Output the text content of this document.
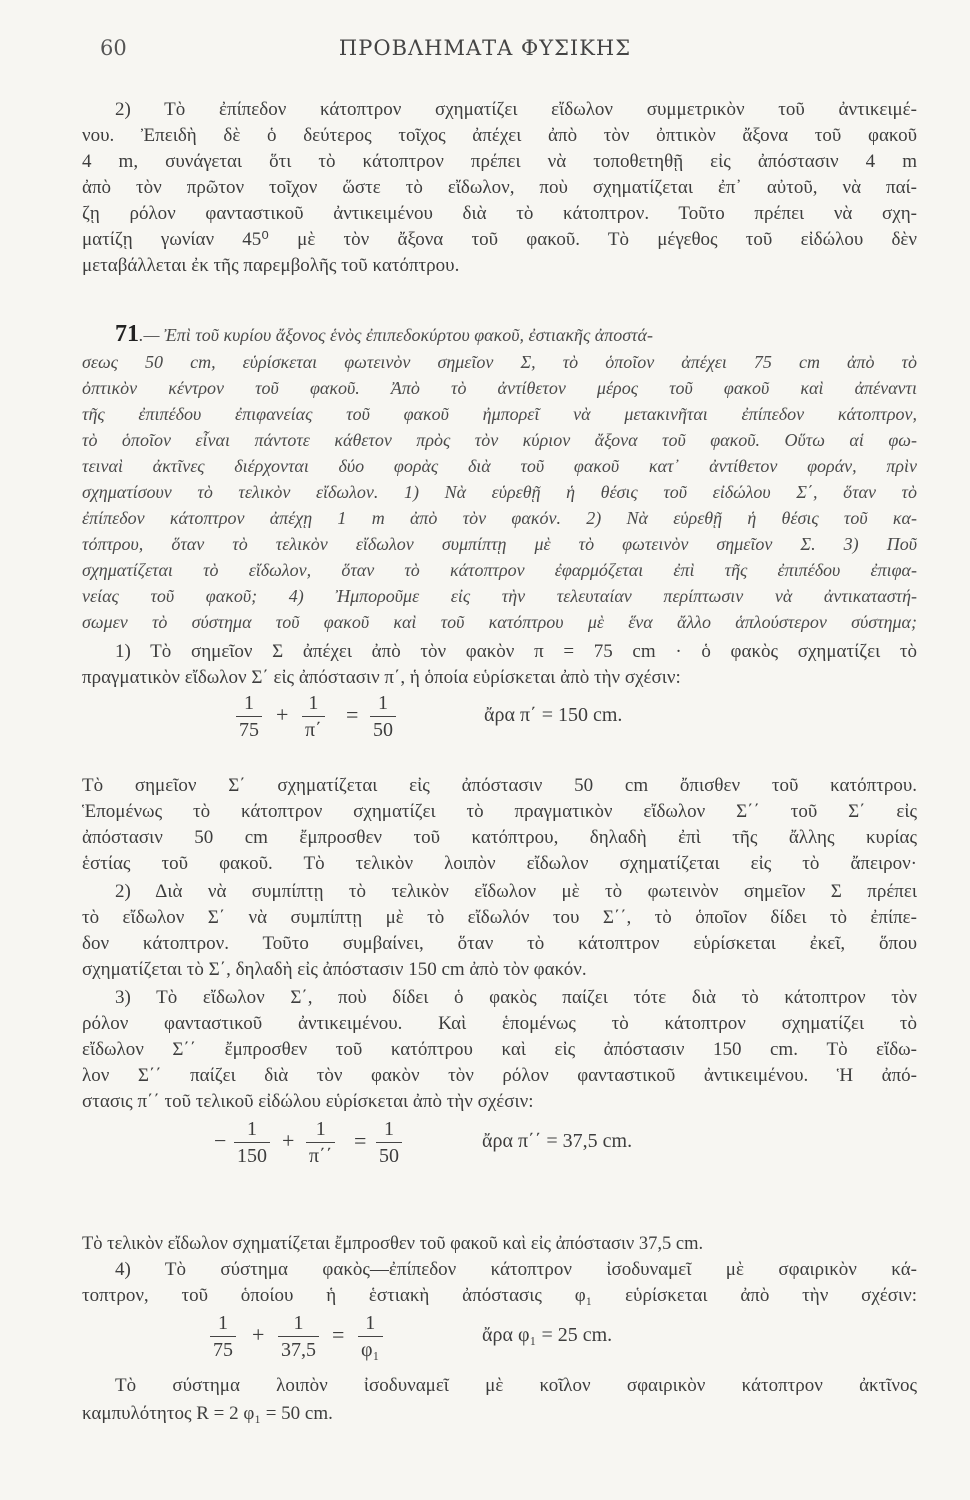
60	ΠΡΟΒΛΗΜΑΤΑ ΦΥΣΙΚΗΣ

2) Τὸ ἐπίπεδον κάτοπτρον σχηματίζει εἴδωλον συμμετρικὸν τοῦ ἀντικειμέ-

νου. Ἐπειδὴ δὲ ὁ δεύτερος τοῖχος ἀπέχει ἀπὸ τὸν ὀπτικὸν ἄξονα τοῦ φακοῦ

4 m, συνάγεται ὅτι τὸ κάτοπτρον πρέπει νὰ τοποθετηθῇ εἰς ἀπόστασιν 4 m

ἀπὸ τὸν πρῶτον τοῖχον ὥστε τὸ εἴδωλον, ποὺ σχηματίζεται ἐπ᾿ αὐτοῦ, νὰ παί-

ζῃ ρόλον φανταστικοῦ ἀντικειμένου διὰ τὸ κάτοπτρον. Τοῦτο πρέπει νὰ σχη-

ματίζῃ γωνίαν 45⁰ μὲ τὸν ἄξονα τοῦ φακοῦ. Τὸ μέγεθος τοῦ εἰδώλου δὲν

μεταβάλλεται ἐκ τῆς παρεμβολῆς τοῦ κατόπτρου.

71.— Ἐπὶ τοῦ κυρίου ἄξονος ἑνὸς ἐπιπεδοκύρτου φακοῦ, ἐστιακῆς ἀποστά-

σεως 50 cm, εὑρίσκεται φωτεινὸν σημεῖον Σ, τὸ ὁποῖον ἀπέχει 75 cm ἀπὸ τὸ

ὀπτικὸν κέντρον τοῦ φακοῦ. Ἀπὸ τὸ ἀντίθετον μέρος τοῦ φακοῦ καὶ ἀπέναντι

τῆς ἐπιπέδου ἐπιφανείας τοῦ φακοῦ ἠμπορεῖ νὰ μετακινῆται ἐπίπεδον κάτοπτρον,

τὸ ὁποῖον εἶναι πάντοτε κάθετον πρὸς τὸν κύριον ἄξονα τοῦ φακοῦ. Οὕτω αἱ φω-

τειναὶ ἀκτῖνες διέρχονται δύο φορὰς διὰ τοῦ φακοῦ κατ᾿ ἀντίθετον φοράν, πρὶν

σχηματίσουν τὸ τελικὸν εἴδωλον. 1) Νὰ εὑρεθῇ ἡ θέσις τοῦ εἰδώλου Σ΄, ὅταν τὸ

ἐπίπεδον κάτοπτρον ἀπέχῃ 1 m ἀπὸ τὸν φακόν. 2) Νὰ εὑρεθῇ ἡ θέσις τοῦ κα-

τόπτρου, ὅταν τὸ τελικὸν εἴδωλον συμπίπτῃ μὲ τὸ φωτεινὸν σημεῖον Σ. 3) Ποῦ

σχηματίζεται τὸ εἴδωλον, ὅταν τὸ κάτοπτρον ἐφαρμόζεται ἐπὶ τῆς ἐπιπέδου ἐπιφα-

νείας τοῦ φακοῦ; 4) Ἠμποροῦμε εἰς τὴν τελευταίαν περίπτωσιν νὰ ἀντικαταστή-

σωμεν τὸ σύστημα τοῦ φακοῦ καὶ τοῦ κατόπτρου μὲ ἕνα ἄλλο ἁπλούστερον σύστημα;

1) Τὸ σημεῖον Σ ἀπέχει ἀπὸ τὸν φακὸν π = 75 cm · ὁ φακὸς σχηματίζει τὸ

πραγματικὸν εἴδωλον Σ΄ εἰς ἀπόστασιν π΄, ἡ ὁποία εὑρίσκεται ἀπὸ τὴν σχέσιν:

1
75
+ 1
π΄
= 1
50
ἄρα π΄ = 150 cm.

Τὸ σημεῖον Σ΄ σχηματίζεται εἰς ἀπόστασιν 50 cm ὄπισθεν τοῦ κατόπτρου.

Ἑπομένως τὸ κάτοπτρον σχηματίζει τὸ πραγματικὸν εἴδωλον Σ΄΄ τοῦ Σ΄ εἰς

ἀπόστασιν 50 cm ἔμπροσθεν τοῦ κατόπτρου, δηλαδὴ ἐπὶ τῆς ἄλλης κυρίας

ἑστίας τοῦ φακοῦ. Τὸ τελικὸν λοιπὸν εἴδωλον σχηματίζεται εἰς τὸ ἄπειρον·

2) Διὰ νὰ συμπίπτῃ τὸ τελικὸν εἴδωλον μὲ τὸ φωτεινὸν σημεῖον Σ πρέπει

τὸ εἴδωλον Σ΄ νὰ συμπίπτῃ μὲ τὸ εἴδωλόν του Σ΄΄, τὸ ὁποῖον δίδει τὸ ἐπίπε-

δον κάτοπτρον. Τοῦτο συμβαίνει, ὅταν τὸ κάτοπτρον εὑρίσκεται ἐκεῖ, ὅπου

σχηματίζεται τὸ Σ΄, δηλαδὴ εἰς ἀπόστασιν 150 cm ἀπὸ τὸν φακόν.

3) Τὸ εἴδωλον Σ΄, ποὺ δίδει ὁ φακὸς παίζει τότε διὰ τὸ κάτοπτρον τὸν

ρόλον φανταστικοῦ ἀντικειμένου. Καὶ ἑπομένως τὸ κάτοπτρον σχηματίζει τὸ

εἴδωλον Σ΄΄ ἔμπροσθεν τοῦ κατόπτρου καὶ εἰς ἀπόστασιν 150 cm. Τὸ εἴδω-

λον Σ΄΄ παίζει διὰ τὸν φακὸν τὸν ρόλον φανταστικοῦ ἀντικειμένου. Ἡ ἀπό-

στασις π΄΄ τοῦ τελικοῦ εἰδώλου εὑρίσκεται ἀπὸ τὴν σχέσιν:

−	1
150
+	1
π΄΄
= 1
50
ἄρα π΄΄ = 37,5 cm.

Τὸ τελικὸν εἴδωλον σχηματίζεται ἔμπροσθεν τοῦ φακοῦ καὶ εἰς ἀπόστασιν 37,5 cm.

4) Τὸ σύστημα φακὸς—ἐπίπεδον κάτοπτρον ἰσοδυναμεῖ μὲ σφαιρικὸν κά-

τοπτρον, τοῦ ὁποίου ἡ ἑστιακὴ ἀπόστασις φ₁ εὑρίσκεται ἀπὸ τὴν σχέσιν:

1
75
+	1
37,5
=	1
φ₁
ἄρα φ₁ = 25 cm.

Τὸ σύστημα λοιπὸν ἰσοδυναμεῖ μὲ κοῖλον σφαιρικὸν κάτοπτρον ἀκτῖνος

καμπυλότητος R = 2 φ₁ = 50 cm.
